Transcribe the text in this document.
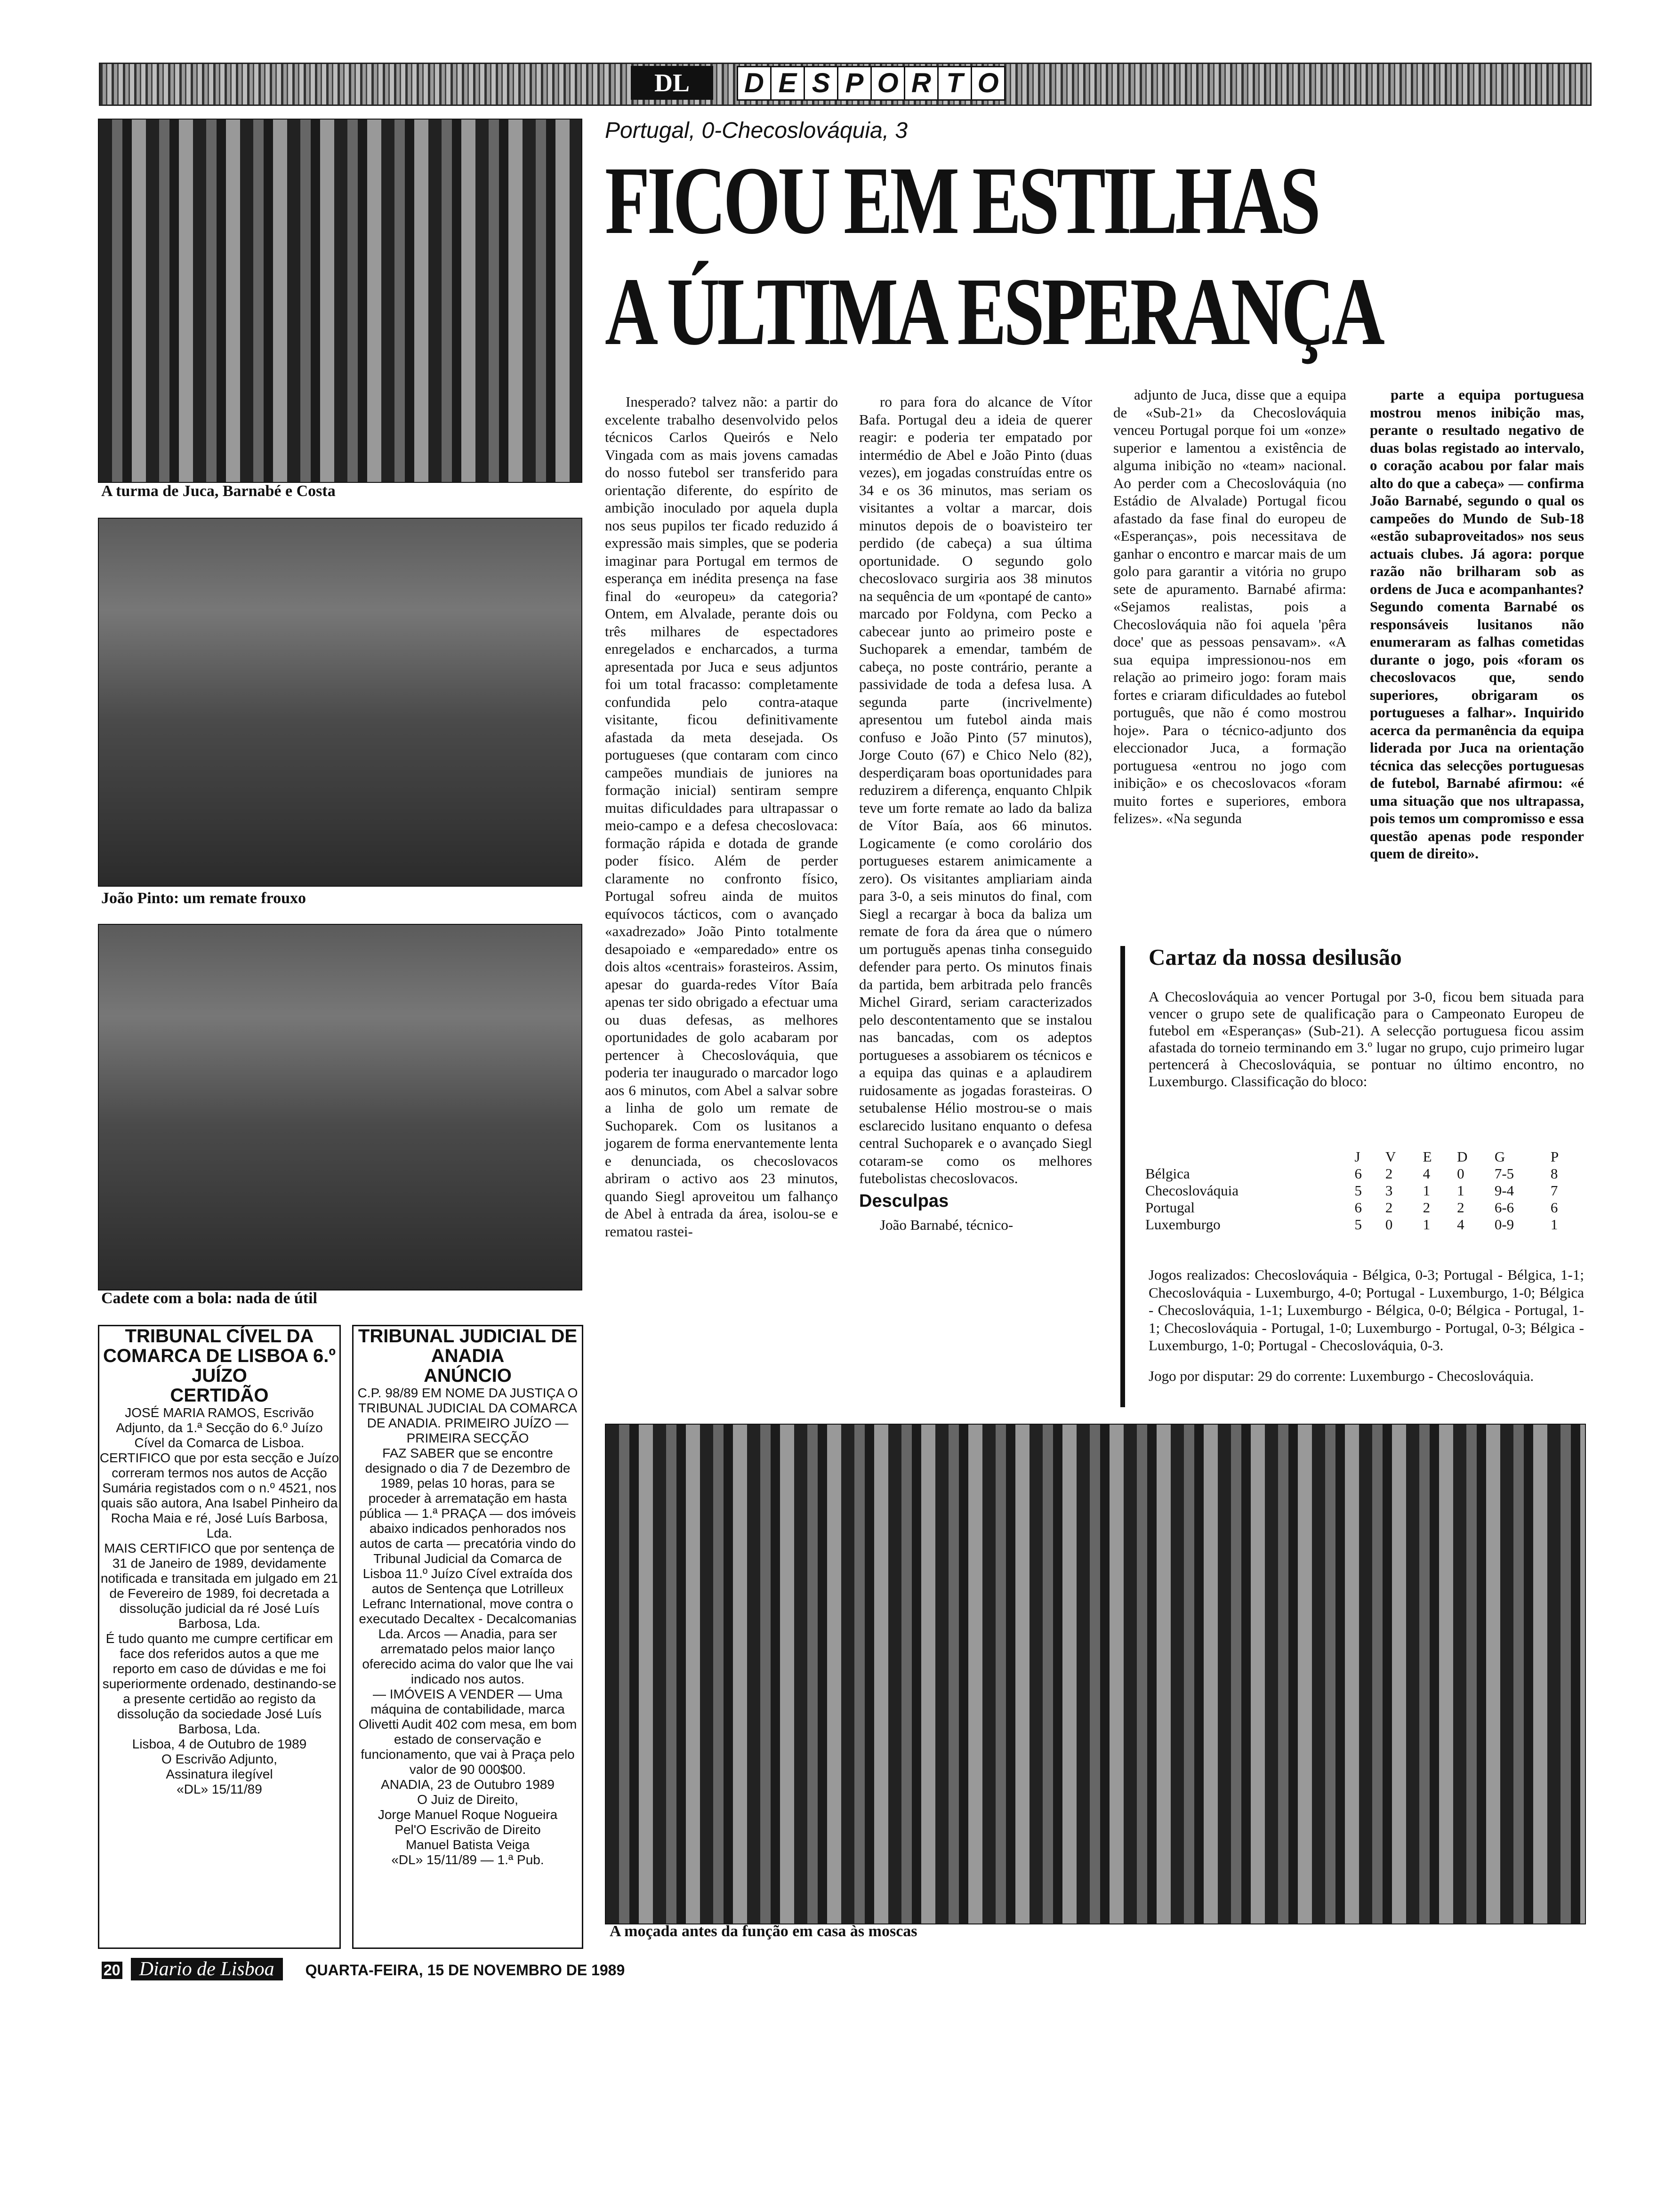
DL	D E S P O R T O
A turma de Juca, Barnabé e Costa
João Pinto: um remate frouxo
Cadete com a bola: nada de útil
Portugal, 0-Checoslováquia, 3
FICOU EM ESTILHAS
A ÚLTIMA ESPERANÇA

Inesperado? talvez não: a partir do excelente trabalho desenvolvido pelos técnicos Carlos Queirós e Nelo Vingada com as mais jovens camadas do nosso futebol ser transferido para orientação diferente, do espírito de ambição inoculado por aquela dupla nos seus pupilos ter ficado reduzido á expressão mais simples, que se poderia imaginar para Portugal em termos de esperança em inédita presença na fase final do «europeu» da categoria? Ontem, em Alvalade, perante dois ou três milhares de espectadores enregelados e encharcados, a turma apresentada por Juca e seus adjuntos foi um total fracasso: completamente confundida pelo contra-ataque visitante, ficou definitivamente afastada da meta desejada. Os portugueses (que contaram com cinco campeões mundiais de juniores na formação inicial) sentiram sempre muitas dificuldades para ultrapassar o meio-campo e a defesa checoslovaca: formação rápida e dotada de grande poder físico. Além de perder claramente no confronto físico, Portugal sofreu ainda de muitos equívocos tácticos, com o avançado «axadrezado» João Pinto totalmente desapoiado e «emparedado» entre os dois altos «centrais» forasteiros. Assim, apesar do guarda-redes Vítor Baía apenas ter sido obrigado a efectuar uma ou duas defesas, as melhores oportunidades de golo acabaram por pertencer à Checoslováquia, que poderia ter inaugurado o marcador logo aos 6 minutos, com Abel a salvar sobre a linha de golo um remate de Suchoparek. Com os lusitanos a jogarem de forma enervantemente lenta e denunciada, os checoslovacos abriram o activo aos 23 minutos, quando Siegl aproveitou um falhanço de Abel à entrada da área, isolou-se e rematou rastei-

ro para fora do alcance de Vítor Bafa. Portugal deu a ideia de querer reagir: e poderia ter empatado por intermédio de Abel e João Pinto (duas vezes), em jogadas construídas entre os 34 e os 36 minutos, mas seriam os visitantes a voltar a marcar, dois minutos depois de o boavisteiro ter perdido (de cabeça) a sua última oportunidade. O segundo golo checoslovaco surgiria aos 38 minutos na sequência de um «pontapé de canto» marcado por Foldyna, com Pecko a cabecear junto ao primeiro poste e Suchoparek a emendar, também de cabeça, no poste contrário, perante a passividade de toda a defesa lusa. A segunda parte (incrivelmente) apresentou um futebol ainda mais confuso e João Pinto (57 minutos), Jorge Couto (67) e Chico Nelo (82), desperdiçaram boas oportunidades para reduzirem a diferença, enquanto Chlpik teve um forte remate ao lado da baliza de Vítor Baía, aos 66 minutos. Logicamente (e como corolário dos portugueses estarem animicamente a zero). Os visitantes ampliariam ainda para 3-0, a seis minutos do final, com Siegl a recargar à boca da baliza um remate de fora da área que o número um portuguěs apenas tinha conseguido defender para perto. Os minutos finais da partida, bem arbitrada pelo francês Michel Girard, seriam caracterizados pelo descontentamento que se instalou nas bancadas, com os adeptos portugueses a assobiarem os técnicos e a equipa das quinas e a aplaudirem ruidosamente as jogadas forasteiras. O setubalense Hélio mostrou-se o mais esclarecido lusitano enquanto o defesa central Suchoparek e o avançado Siegl cotaram-se como os melhores futebolistas checoslovacos.

Desculpas

João Barnabé, técnico-

adjunto de Juca, disse que a equipa de «Sub-21» da Checoslováquia venceu Portugal porque foi um «onze» superior e lamentou a existência de alguma inibição no «team» nacional. Ao perder com a Checoslováquia (no Estádio de Alvalade) Portugal ficou afastado da fase final do europeu de «Esperanças», pois necessitava de ganhar o encontro e marcar mais de um golo para garantir a vitória no grupo sete de apuramento. Barnabé afirma: «Sejamos realistas, pois a Checoslováquia não foi aquela 'pêra doce' que as pessoas pensavam». «A sua equipa impressionou-nos em relação ao primeiro jogo: foram mais fortes e criaram dificuldades ao futebol português, que não é como mostrou hoje». Para o técnico-adjunto dos eleccionador Juca, a formação portuguesa «entrou no jogo com inibição» e os checoslovacos «foram muito fortes e superiores, embora felizes». «Na segunda

parte a equipa portuguesa mostrou menos inibição mas, perante o resultado negativo de duas bolas registado ao intervalo, o coração acabou por falar mais alto do que a cabeça» — confirma João Barnabé, segundo o qual os campeões do Mundo de Sub-18 «estão subaproveitados» nos seus actuais clubes. Já agora: porque razão não brilharam sob as ordens de Juca e acompanhantes? Segundo comenta Barnabé os responsáveis lusitanos não enumeraram as falhas cometidas durante o jogo, pois «foram os checoslovacos que, sendo superiores, obrigaram os portugueses a falhar». Inquirido acerca da permanência da equipa liderada por Juca na orientação técnica das selecções portuguesas de futebol, Barnabé afirmou: «é uma situação que nos ultrapassa, pois temos um compromisso e essa questão apenas pode responder quem de direito».

Cartaz da nossa desilusão
A Checoslováquia ao vencer Portugal por 3-0, ficou bem situada para vencer o grupo sete de qualificação para o Campeonato Europeu de futebol em «Esperanças» (Sub-21). A selecção portuguesa ficou assim afastada do torneio terminando em 3.º lugar no grupo, cujo primeiro lugar pertencerá à Checoslováquia, se pontuar no último encontro, no Luxemburgo. Classificação do bloco:
	J	V	E	D	G	P
Bélgica	6	2	4	0	7-5	8
Checoslováquia	5	3	1	1	9-4	7
Portugal	6	2	2	2	6-6	6
Luxemburgo	5	0	1	4	0-9	1
Jogos realizados: Checoslováquia - Bélgica, 0-3; Portugal - Bélgica, 1-1; Checoslováquia - Luxemburgo, 4-0; Portugal - Luxemburgo, 1-0; Bélgica - Checoslováquia, 1-1; Luxemburgo - Bélgica, 0-0; Bélgica - Portugal, 1-1; Checoslováquia - Portugal, 1-0; Luxemburgo - Portugal, 0-3; Bélgica - Luxemburgo, 1-0; Portugal - Checoslováquia, 0-3.
Jogo por disputar: 29 do corrente: Luxemburgo - Checoslováquia.
A moçada antes da função em casa às moscas
TRIBUNAL CÍVEL DA COMARCA DE LISBOA 6.º JUÍZO
CERTIDÃO

JOSÉ MARIA RAMOS, Escrivão Adjunto, da 1.ª Secção do 6.º Juízo Cível da Comarca de Lisboa. CERTIFICO que por esta secção e Juízo correram termos nos autos de Acção Sumária registados com o n.º 4521, nos quais são autora, Ana Isabel Pinheiro da Rocha Maia e ré, José Luís Barbosa, Lda.

MAIS CERTIFICO que por sentença de 31 de Janeiro de 1989, devidamente notificada e transitada em julgado em 21 de Fevereiro de 1989, foi decretada a dissolução judicial da ré José Luís Barbosa, Lda.

É tudo quanto me cumpre certificar em face dos referidos autos a que me reporto em caso de dúvidas e me foi superiormente ordenado, destinando-se a presente certidão ao registo da dissolução da sociedade José Luís Barbosa, Lda.

Lisboa, 4 de Outubro de 1989

O Escrivão Adjunto,

Assinatura ilegível

«DL» 15/11/89

TRIBUNAL JUDICIAL DE ANADIA
ANÚNCIO

C.P. 98/89 EM NOME DA JUSTIÇA O TRIBUNAL JUDICIAL DA COMARCA DE ANADIA. PRIMEIRO JUÍZO — PRIMEIRA SECÇÃO

FAZ SABER que se encontre designado o dia 7 de Dezembro de 1989, pelas 10 horas, para se proceder à arrematação em hasta pública — 1.ª PRAÇA — dos imóveis abaixo indicados penhorados nos autos de carta — precatória vindo do Tribunal Judicial da Comarca de Lisboa 11.º Juízo Cível extraída dos autos de Sentença que Lotrilleux Lefranc International, move contra o executado Decaltex - Decalcomanias Lda. Arcos — Anadia, para ser arrematado pelos maior lanço oferecido acima do valor que lhe vai indicado nos autos.

— IMÓVEIS A VENDER — Uma máquina de contabilidade, marca Olivetti Audit 402 com mesa, em bom estado de conservação e funcionamento, que vai à Praça pelo valor de 90 000$00.

ANADIA, 23 de Outubro 1989

O Juiz de Direito,

Jorge Manuel Roque Nogueira

Pel'O Escrivão de Direito

Manuel Batista Veiga

«DL» 15/11/89 — 1.ª Pub.

20 Diario de Lisboa QUARTA-FEIRA, 15 DE NOVEMBRO DE 1989
